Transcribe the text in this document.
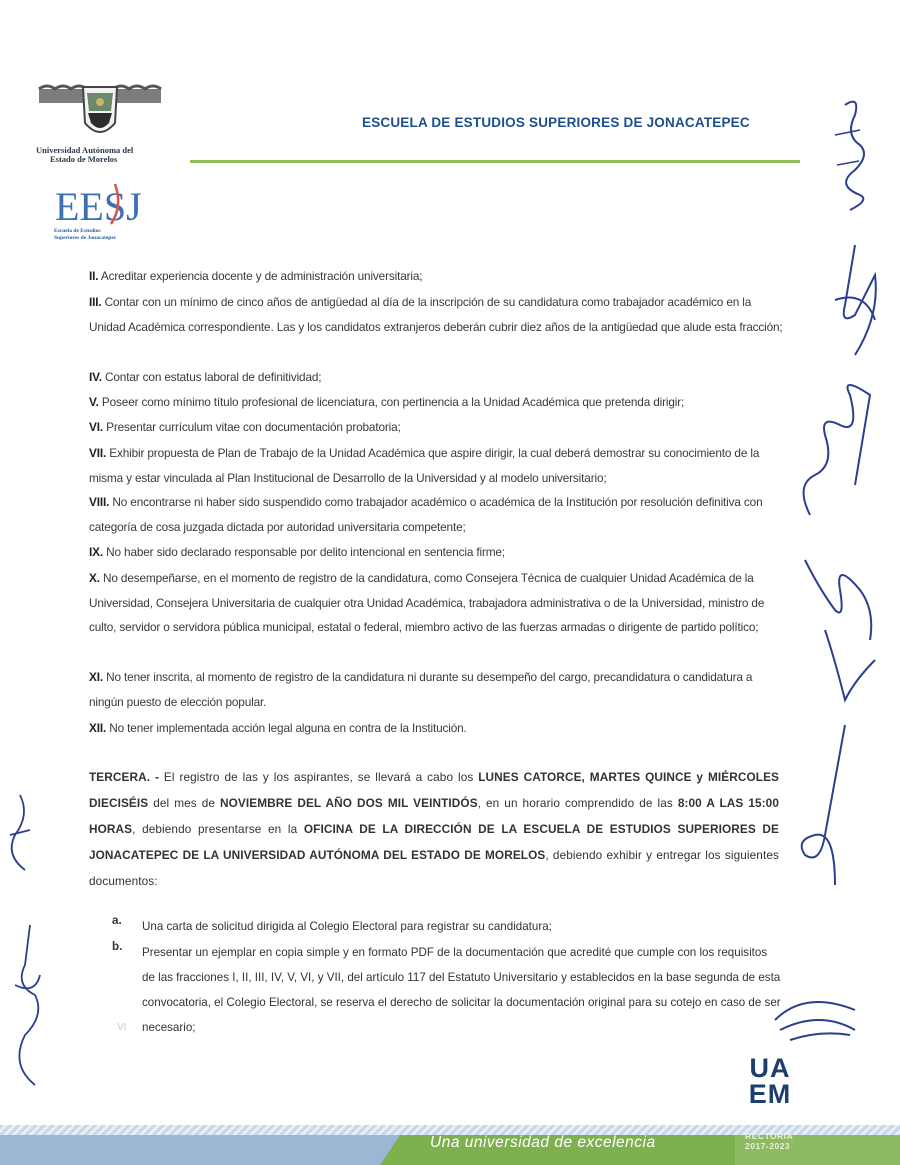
Universidad Autónoma del
Estado de Morelos
ESCUELA DE ESTUDIOS SUPERIORES DE JONACATEPEC
EESJ
Escuela de Estudios
Superiores de Jonacatepec
II. Acreditar experiencia docente y de administración universitaria;
III. Contar con un mínimo de cinco años de antigüedad al día de la inscripción de su candidatura como trabajador académico en la Unidad Académica correspondiente. Las y los candidatos extranjeros deberán cubrir diez años de la antigüedad que alude esta fracción;
IV. Contar con estatus laboral de definitividad;
V. Poseer como mínimo título profesional de licenciatura, con pertinencia a la Unidad Académica que pretenda dirigir;
VI. Presentar currículum vitae con documentación probatoria;
VII. Exhibir propuesta de Plan de Trabajo de la Unidad Académica que aspire dirigir, la cual deberá demostrar su conocimiento de la misma y estar vinculada al Plan Institucional de Desarrollo de la Universidad y al modelo universitario;
VIII. No encontrarse ni haber sido suspendido como trabajador académico o académica de la Institución por resolución definitiva con categoría de cosa juzgada dictada por autoridad universitaria competente;
IX. No haber sido declarado responsable por delito intencional en sentencia firme;
X. No desempeñarse, en el momento de registro de la candidatura, como Consejera Técnica de cualquier Unidad Académica de la Universidad, Consejera Universitaria de cualquier otra Unidad Académica, trabajadora administrativa o de la Universidad, ministro de culto, servidor o servidora pública municipal, estatal o federal, miembro activo de las fuerzas armadas o dirigente de partido político;
XI. No tener inscrita, al momento de registro de la candidatura ni durante su desempeño del cargo, precandidatura o candidatura a ningún puesto de elección popular.
XII. No tener implementada acción legal alguna en contra de la Institución.
TERCERA. - El registro de las y los aspirantes, se llevará a cabo los LUNES CATORCE, MARTES QUINCE y MIÉRCOLES DIECISÉIS del mes de NOVIEMBRE DEL AÑO DOS MIL VEINTIDÓS, en un horario comprendido de las 8:00 A LAS 15:00 HORAS, debiendo presentarse en la OFICINA DE LA DIRECCIÓN DE LA ESCUELA DE ESTUDIOS SUPERIORES DE JONACATEPEC DE LA UNIVERSIDAD AUTÓNOMA DEL ESTADO DE MORELOS, debiendo exhibir y entregar los siguientes documentos:
a.	Una carta de solicitud dirigida al Colegio Electoral para registrar su candidatura;
b.	Presentar un ejemplar en copia simple y en formato PDF de la documentación que acredité que cumple con los requisitos de las fracciones I, II, III, IV, V, VI, y VII, del artículo 117 del Estatuto Universitario y establecidos en la base segunda de esta convocatoria, el Colegio Electoral, se reserva el derecho de solicitar la documentación original para su cotejo en caso de ser necesario;
VI
UA
EM
Una universidad de excelencia	RECTORÍA
2017-2023
